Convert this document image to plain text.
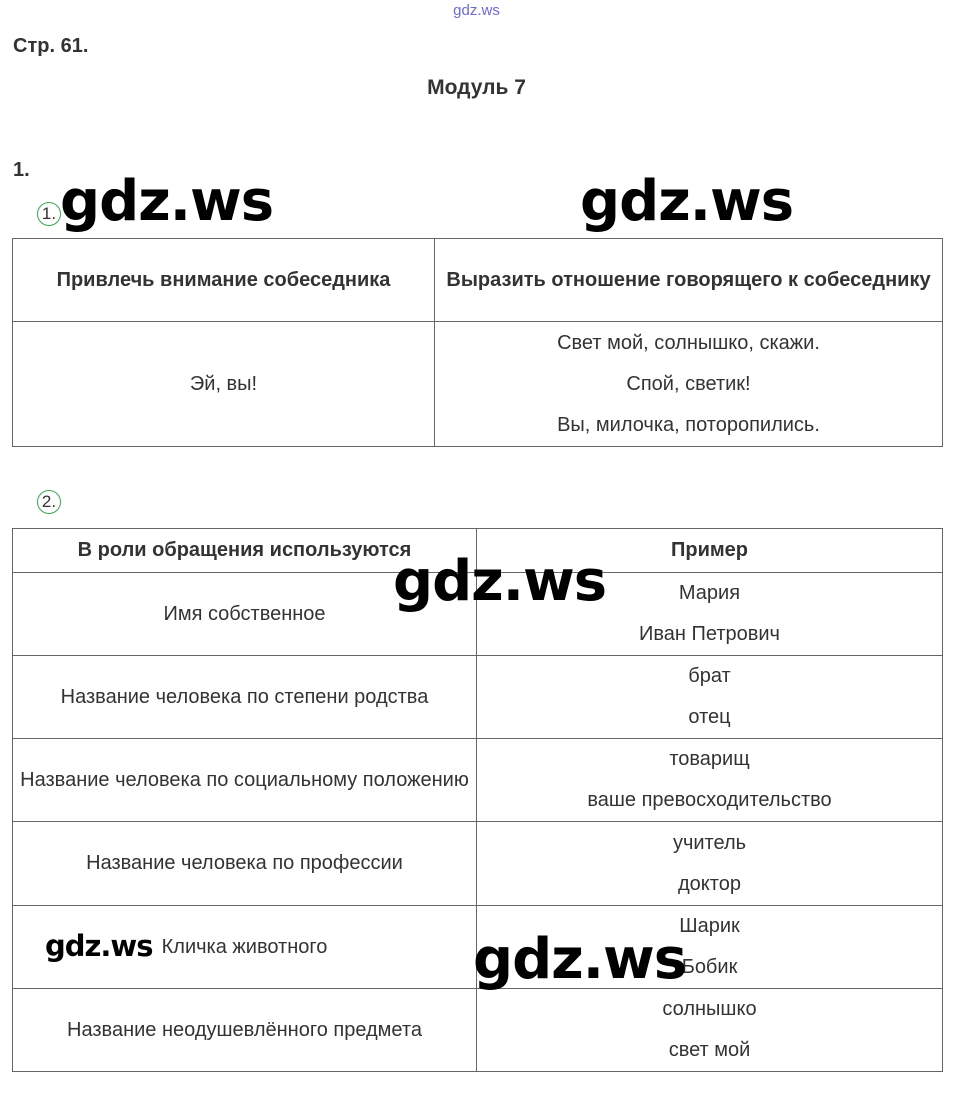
gdz.ws
Стр. 61.
Модуль 7
1.
1.
Привлечь внимание собеседника	Выразить отношение говорящего к собеседнику

Эй, вы!	Свет мой, солнышко, скажи.
Спой, светик!
Вы, милочка, поторопились.
2.
В роли обращения используются	Пример
Имя собственное	Мария
Иван Петрович

Название человека по степени родства	брат
отец

Название человека по социальному положению	товарищ
ваше превосходительство

Название человека по профессии	учитель
доктор

Кличка животного	Шарик
Бобик

Название неодушевлённого предмета	солнышко
свет мой
gdz.ws	gdz.ws
gdz.ws
gdz.ws	gdz.ws
